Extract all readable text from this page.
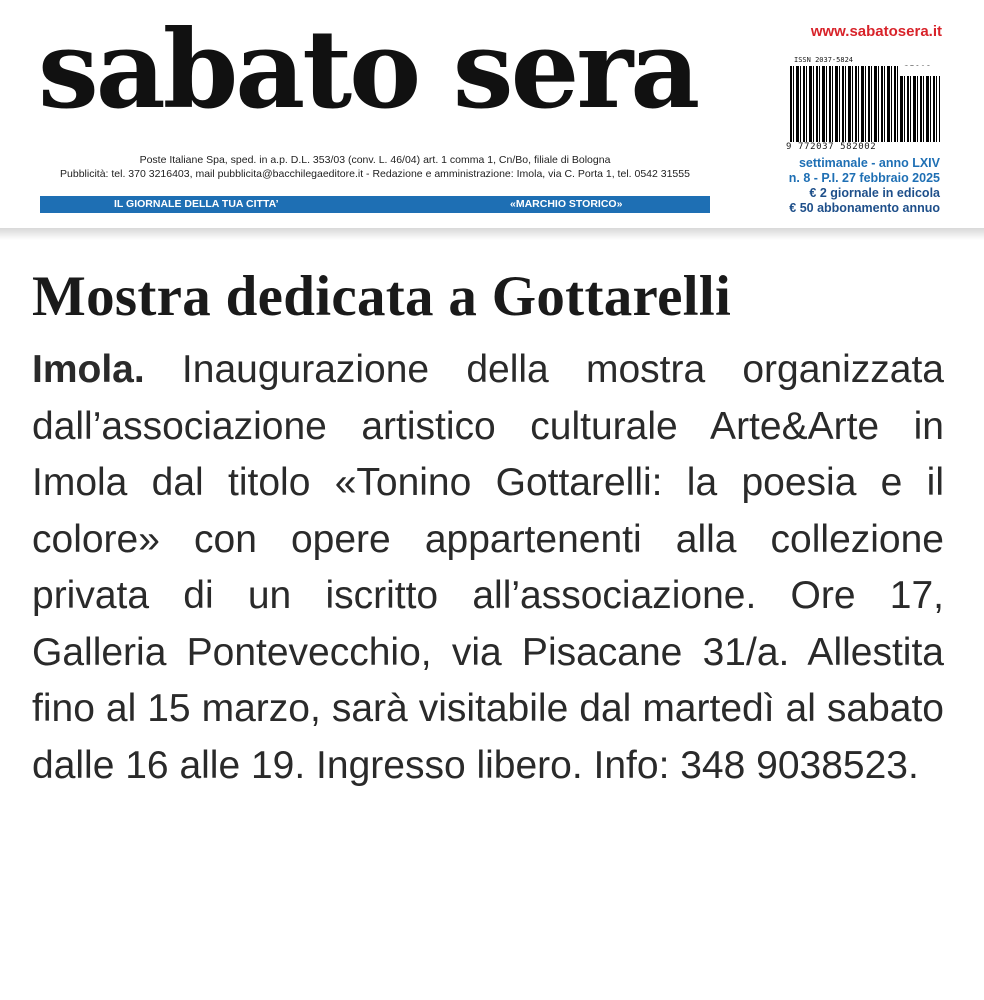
sabato sera
Poste Italiane Spa, sped. in a.p. D.L. 353/03 (conv. L. 46/04) art. 1 comma 1, Cn/Bo, filiale di Bologna
Pubblicità: tel. 370 3216403, mail pubblicita@bacchilegaeditore.it - Redazione e amministrazione: Imola, via C. Porta 1, tel. 0542 31555
IL GIORNALE DELLA TUA CITTA’	«MARCHIO STORICO»
www.sabatosera.it
ISSN 2037-5824
9 772037 582002
settimanale - anno LXIV
n. 8 - P.I. 27 febbraio 2025
€ 2 giornale in edicola
€ 50 abbonamento annuo
Mostra dedicata a Gottarelli

Imola. Inaugurazione della mostra organizzata dall’associazione artistico culturale Arte&Arte in Imola dal titolo «Tonino Gottarelli: la poesia e il colore» con opere appartenenti alla collezione privata di un iscritto all’associazione. Ore 17, Galleria Pontevecchio, via Pisacane 31/a. Allestita fino al 15 marzo, sarà visitabile dal martedì al sabato dalle 16 alle 19. Ingresso libero. Info: 348 9038523.
